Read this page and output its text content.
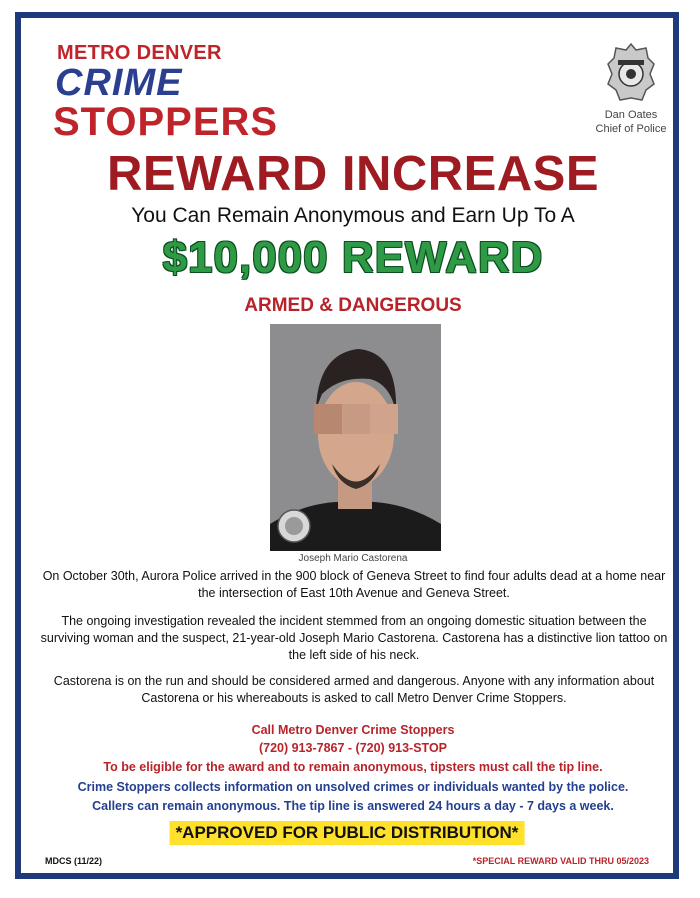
METRO DENVER
CRIME
STOPPERS	Dan Oates
Chief of Police
REWARD INCREASE
You Can Remain Anonymous and Earn Up To A
$10,000 REWARD
ARMED & DANGEROUS
Joseph Mario Castorena
On October 30th, Aurora Police arrived in the 900 block of Geneva Street to find four adults dead at a home near the intersection of East 10th Avenue and Geneva Street.
The ongoing investigation revealed the incident stemmed from an ongoing domestic situation between the surviving woman and the suspect, 21-year-old Joseph Mario Castorena. Castorena has a distinctive lion tattoo on the left side of his neck.
Castorena is on the run and should be considered armed and dangerous. Anyone with any information about Castorena or his whereabouts is asked to call Metro Denver Crime Stoppers.
Call Metro Denver Crime Stoppers
(720) 913-7867 - (720) 913-STOP
To be eligible for the award and to remain anonymous, tipsters must call the tip line.
Crime Stoppers collects information on unsolved crimes or individuals wanted by the police.
Callers can remain anonymous. The tip line is answered 24 hours a day - 7 days a week.
*APPROVED FOR PUBLIC DISTRIBUTION*
MDCS (11/22)	*SPECIAL REWARD VALID THRU 05/2023
